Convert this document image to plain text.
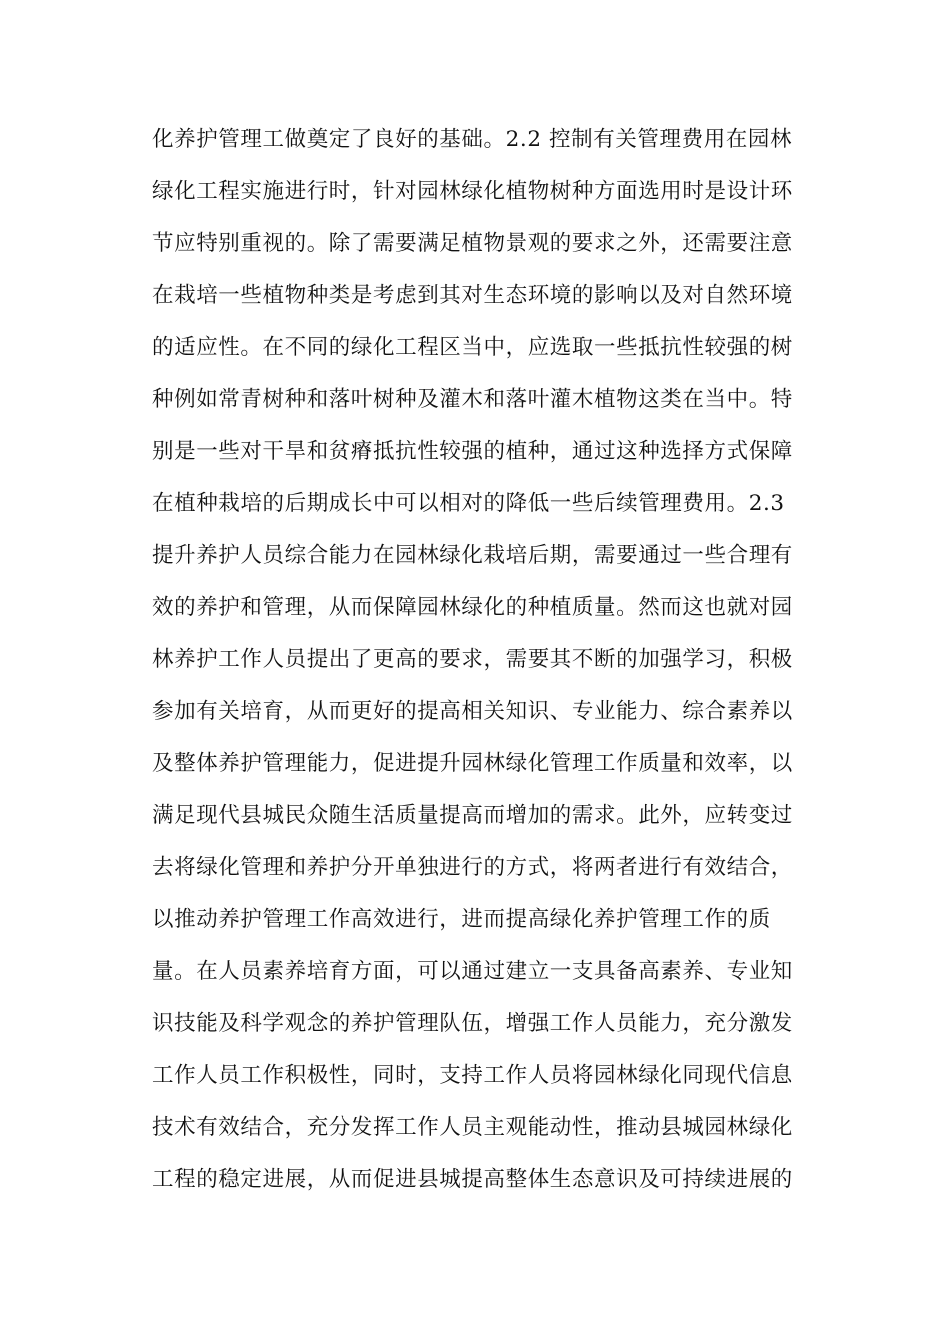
化养护管理工做奠定了良好的基础。2.2 控制有关管理费用在园林
绿化工程实施进行时，针对园林绿化植物树种方面选用时是设计环
节应特别重视的。除了需要满足植物景观的要求之外，还需要注意
在栽培一些植物种类是考虑到其对生态环境的影响以及对自然环境
的适应性。在不同的绿化工程区当中，应选取一些抵抗性较强的树
种例如常青树种和落叶树种及灌木和落叶灌木植物这类在当中。特
别是一些对干旱和贫瘠抵抗性较强的植种，通过这种选择方式保障
在植种栽培的后期成长中可以相对的降低一些后续管理费用。2.3
提升养护人员综合能力在园林绿化栽培后期，需要通过一些合理有
效的养护和管理，从而保障园林绿化的种植质量。然而这也就对园
林养护工作人员提出了更高的要求，需要其不断的加强学习，积极
参加有关培育，从而更好的提高相关知识、专业能力、综合素养以
及整体养护管理能力，促进提升园林绿化管理工作质量和效率，以
满足现代县城民众随生活质量提高而增加的需求。此外，应转变过
去将绿化管理和养护分开单独进行的方式，将两者进行有效结合，
以推动养护管理工作高效进行，进而提高绿化养护管理工作的质
量。在人员素养培育方面，可以通过建立一支具备高素养、专业知
识技能及科学观念的养护管理队伍，增强工作人员能力，充分激发
工作人员工作积极性，同时，支持工作人员将园林绿化同现代信息
技术有效结合，充分发挥工作人员主观能动性，推动县城园林绿化
工程的稳定进展，从而促进县城提高整体生态意识及可持续进展的
